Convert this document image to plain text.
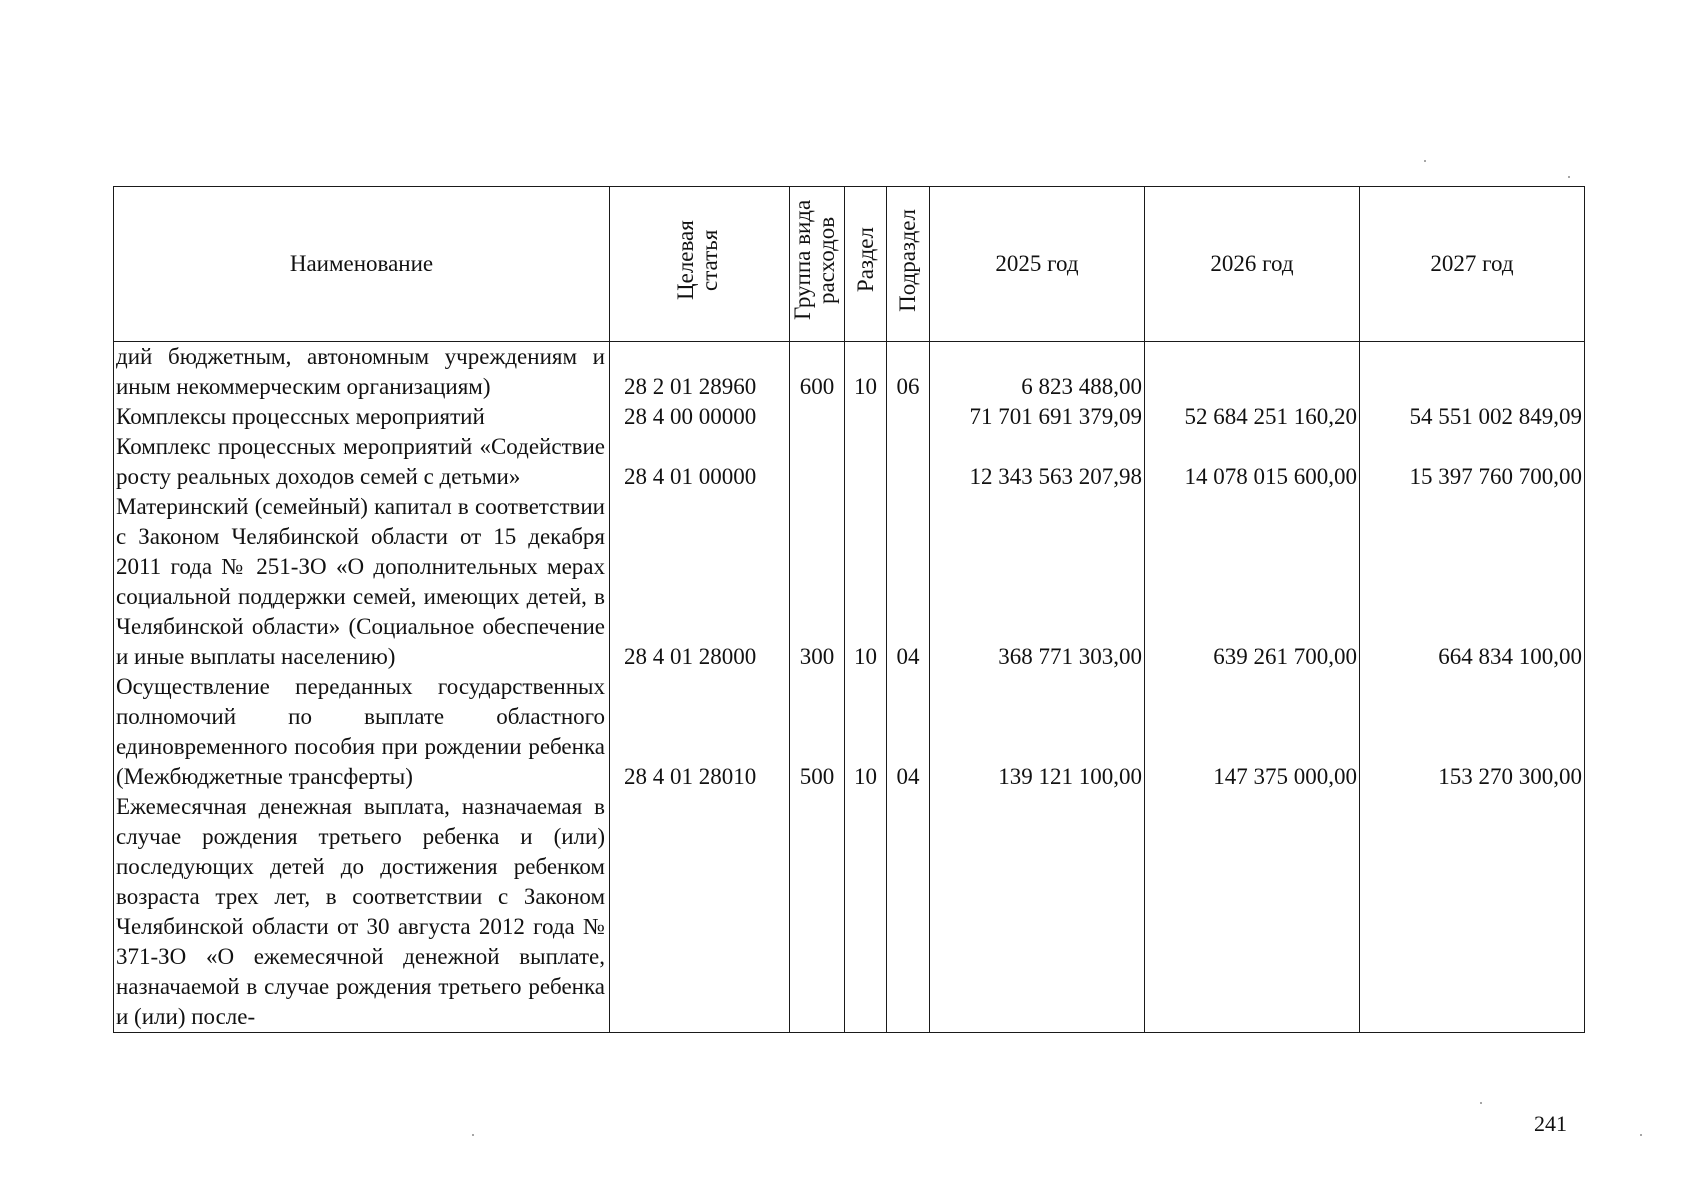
Наименование	Целевая статья	Группа вида расходов	Раздел	Подраздел	2025 год	2026 год	2027 год
дий бюджетным, автономным учреждениям и иным некоммерческим организациям)	28 2 01 28960	600	10	06	6 823 488,00		
Комплексы процессных мероприятий	28 4 00 00000				71 701 691 379,09	52 684 251 160,20	54 551 002 849,09
Комплекс процессных мероприятий «Содействие росту реальных доходов семей с детьми»	28 4 01 00000				12 343 563 207,98	14 078 015 600,00	15 397 760 700,00
Материнский (семейный) капитал в соответствии с Законом Челябинской области от 15 декабря 2011 года № 251-ЗО «О дополнительных мерах социальной поддержки семей, имеющих детей, в Челябинской области» (Социальное обеспечение и иные выплаты населению)	28 4 01 28000	300	10	04	368 771 303,00	639 261 700,00	664 834 100,00
Осуществление переданных государственных полномочий по выплате областного единовременного пособия при рождении ребенка (Межбюджетные трансферты)	28 4 01 28010	500	10	04	139 121 100,00	147 375 000,00	153 270 300,00
Ежемесячная денежная выплата, назначаемая в случае рождения третьего ребенка и (или) последующих детей до достижения ребенком возраста трех лет, в соответствии с Законом Челябинской области от 30 августа 2012 года № 371-ЗО «О ежемесячной денежной выплате, назначаемой в случае рождения третьего ребенка и (или) после-							
241
